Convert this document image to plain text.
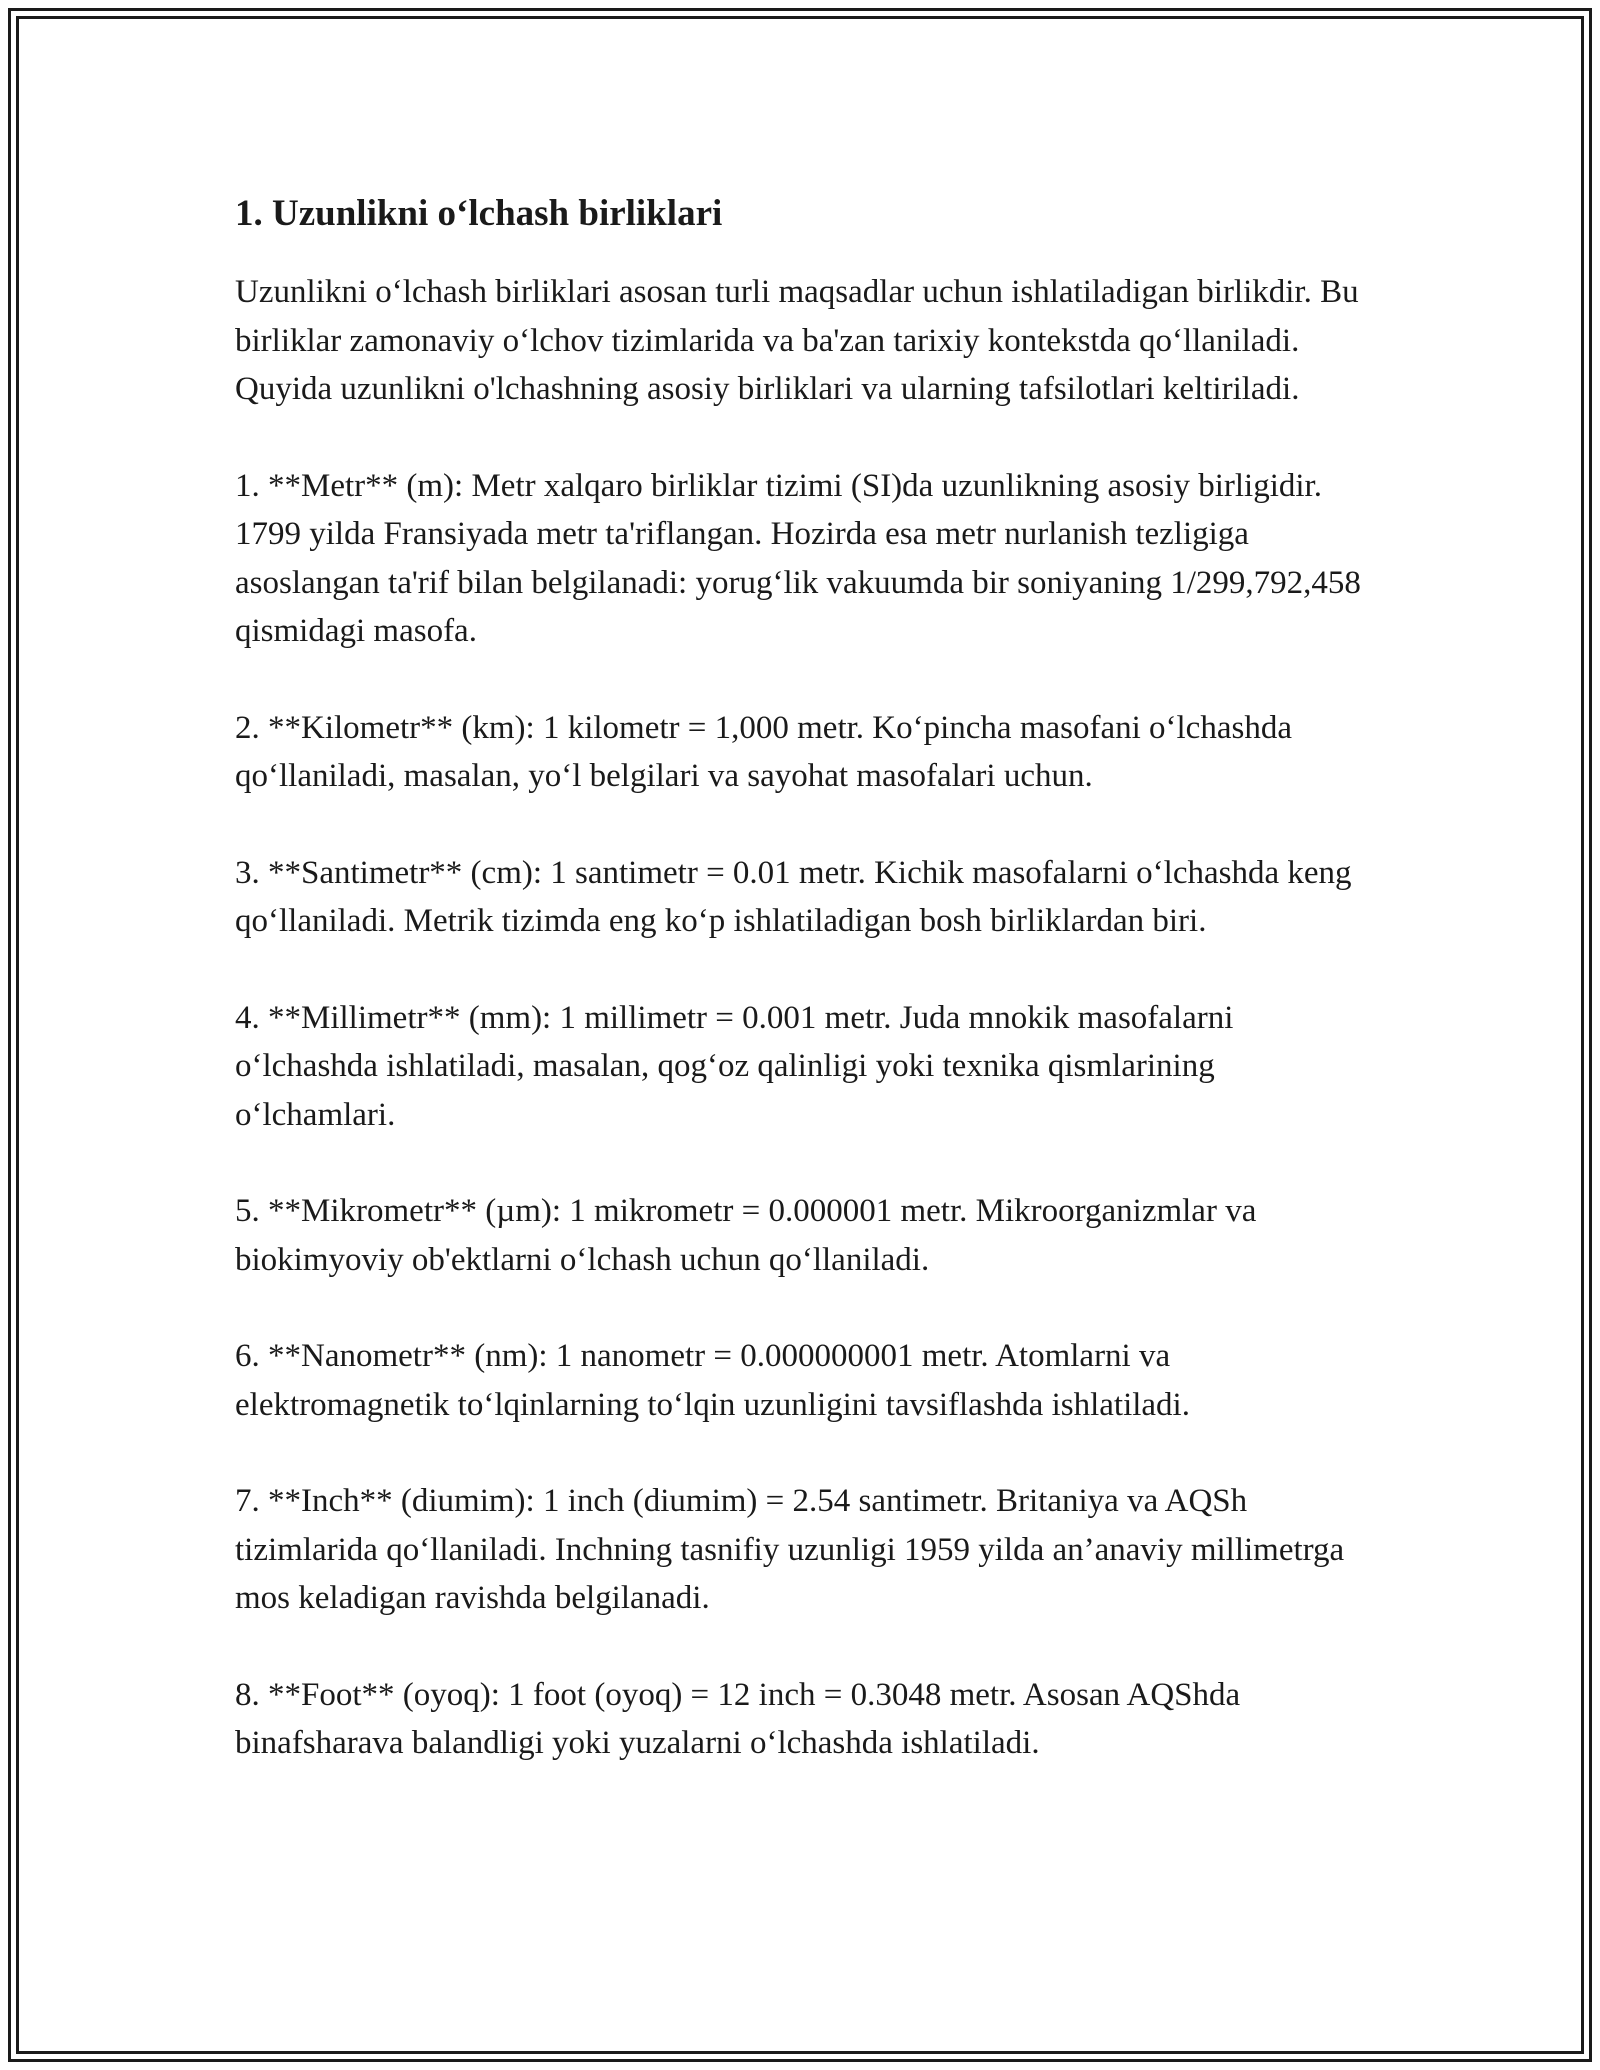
1. Uzunlikni o‘lchash birliklari

Uzunlikni o‘lchash birliklari asosan turli maqsadlar uchun ishlatiladigan birlikdir. Bu birliklar zamonaviy o‘lchov tizimlarida va ba'zan tarixiy kontekstda qo‘llaniladi. Quyida uzunlikni o'lchashning asosiy birliklari va ularning tafsilotlari keltiriladi.

1. **Metr** (m): Metr xalqaro birliklar tizimi (SI)da uzunlikning asosiy birligidir. 1799 yilda Fransiyada metr ta'riflangan. Hozirda esa metr nurlanish tezligiga asoslangan ta'rif bilan belgilanadi: yorug‘lik vakuumda bir soniyaning 1/299,792,458 qismidagi masofa.

2. **Kilometr** (km): 1 kilometr = 1,000 metr. Ko‘pincha masofani o‘lchashda qo‘llaniladi, masalan, yo‘l belgilari va sayohat masofalari uchun.

3. **Santimetr** (cm): 1 santimetr = 0.01 metr. Kichik masofalarni o‘lchashda keng qo‘llaniladi. Metrik tizimda eng ko‘p ishlatiladigan bosh birliklardan biri.

4. **Millimetr** (mm): 1 millimetr = 0.001 metr. Juda mnokik masofalarni o‘lchashda ishlatiladi, masalan, qog‘oz qalinligi yoki texnika qismlarining o‘lchamlari.

5. **Mikrometr** (µm): 1 mikrometr = 0.000001 metr. Mikroorganizmlar va biokimyoviy ob'ektlarni o‘lchash uchun qo‘llaniladi.

6. **Nanometr** (nm): 1 nanometr = 0.000000001 metr. Atomlarni va elektromagnetik to‘lqinlarning to‘lqin uzunligini tavsiflashda ishlatiladi.

7. **Inch** (diumim): 1 inch (diumim) = 2.54 santimetr. Britaniya va AQSh tizimlarida qo‘llaniladi. Inchning tasnifiy uzunligi 1959 yilda an’anaviy millimetrga mos keladigan ravishda belgilanadi.

8. **Foot** (oyoq): 1 foot (oyoq) = 12 inch = 0.3048 metr. Asosan AQShda binafsharava balandligi yoki yuzalarni o‘lchashda ishlatiladi.
